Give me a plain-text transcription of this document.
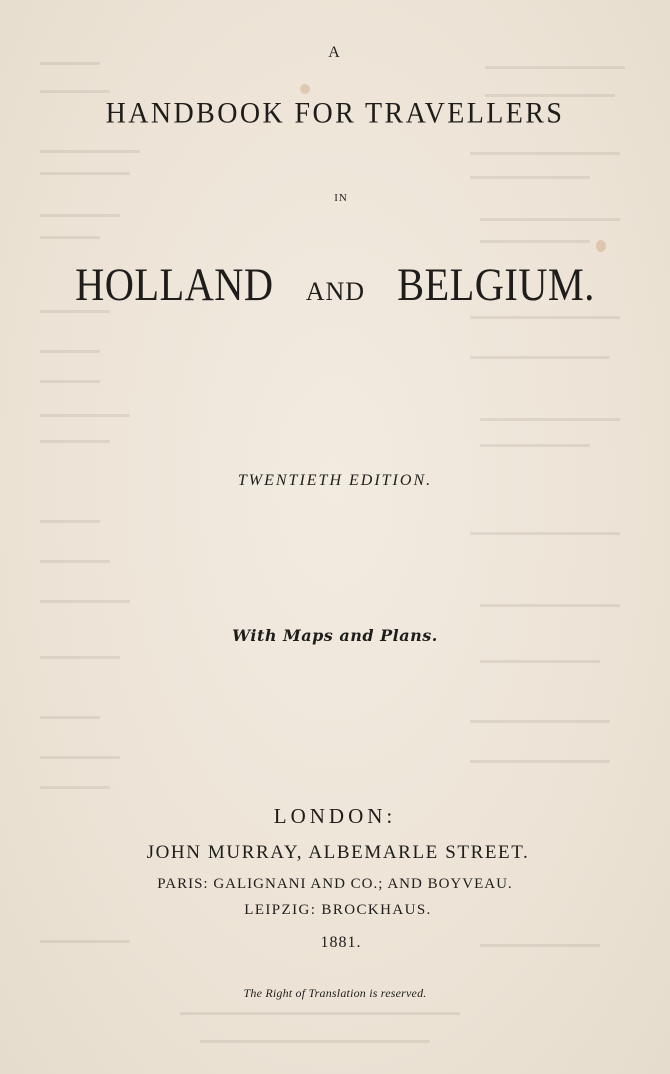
A
HANDBOOK FOR TRAVELLERS
IN
HOLLAND AND BELGIUM.
TWENTIETH EDITION.
With Maps and Plans.
LONDON:
JOHN MURRAY, ALBEMARLE STREET.
PARIS: GALIGNANI AND CO.; AND BOYVEAU.
LEIPZIG: BROCKHAUS.
1881.
The Right of Translation is reserved.
